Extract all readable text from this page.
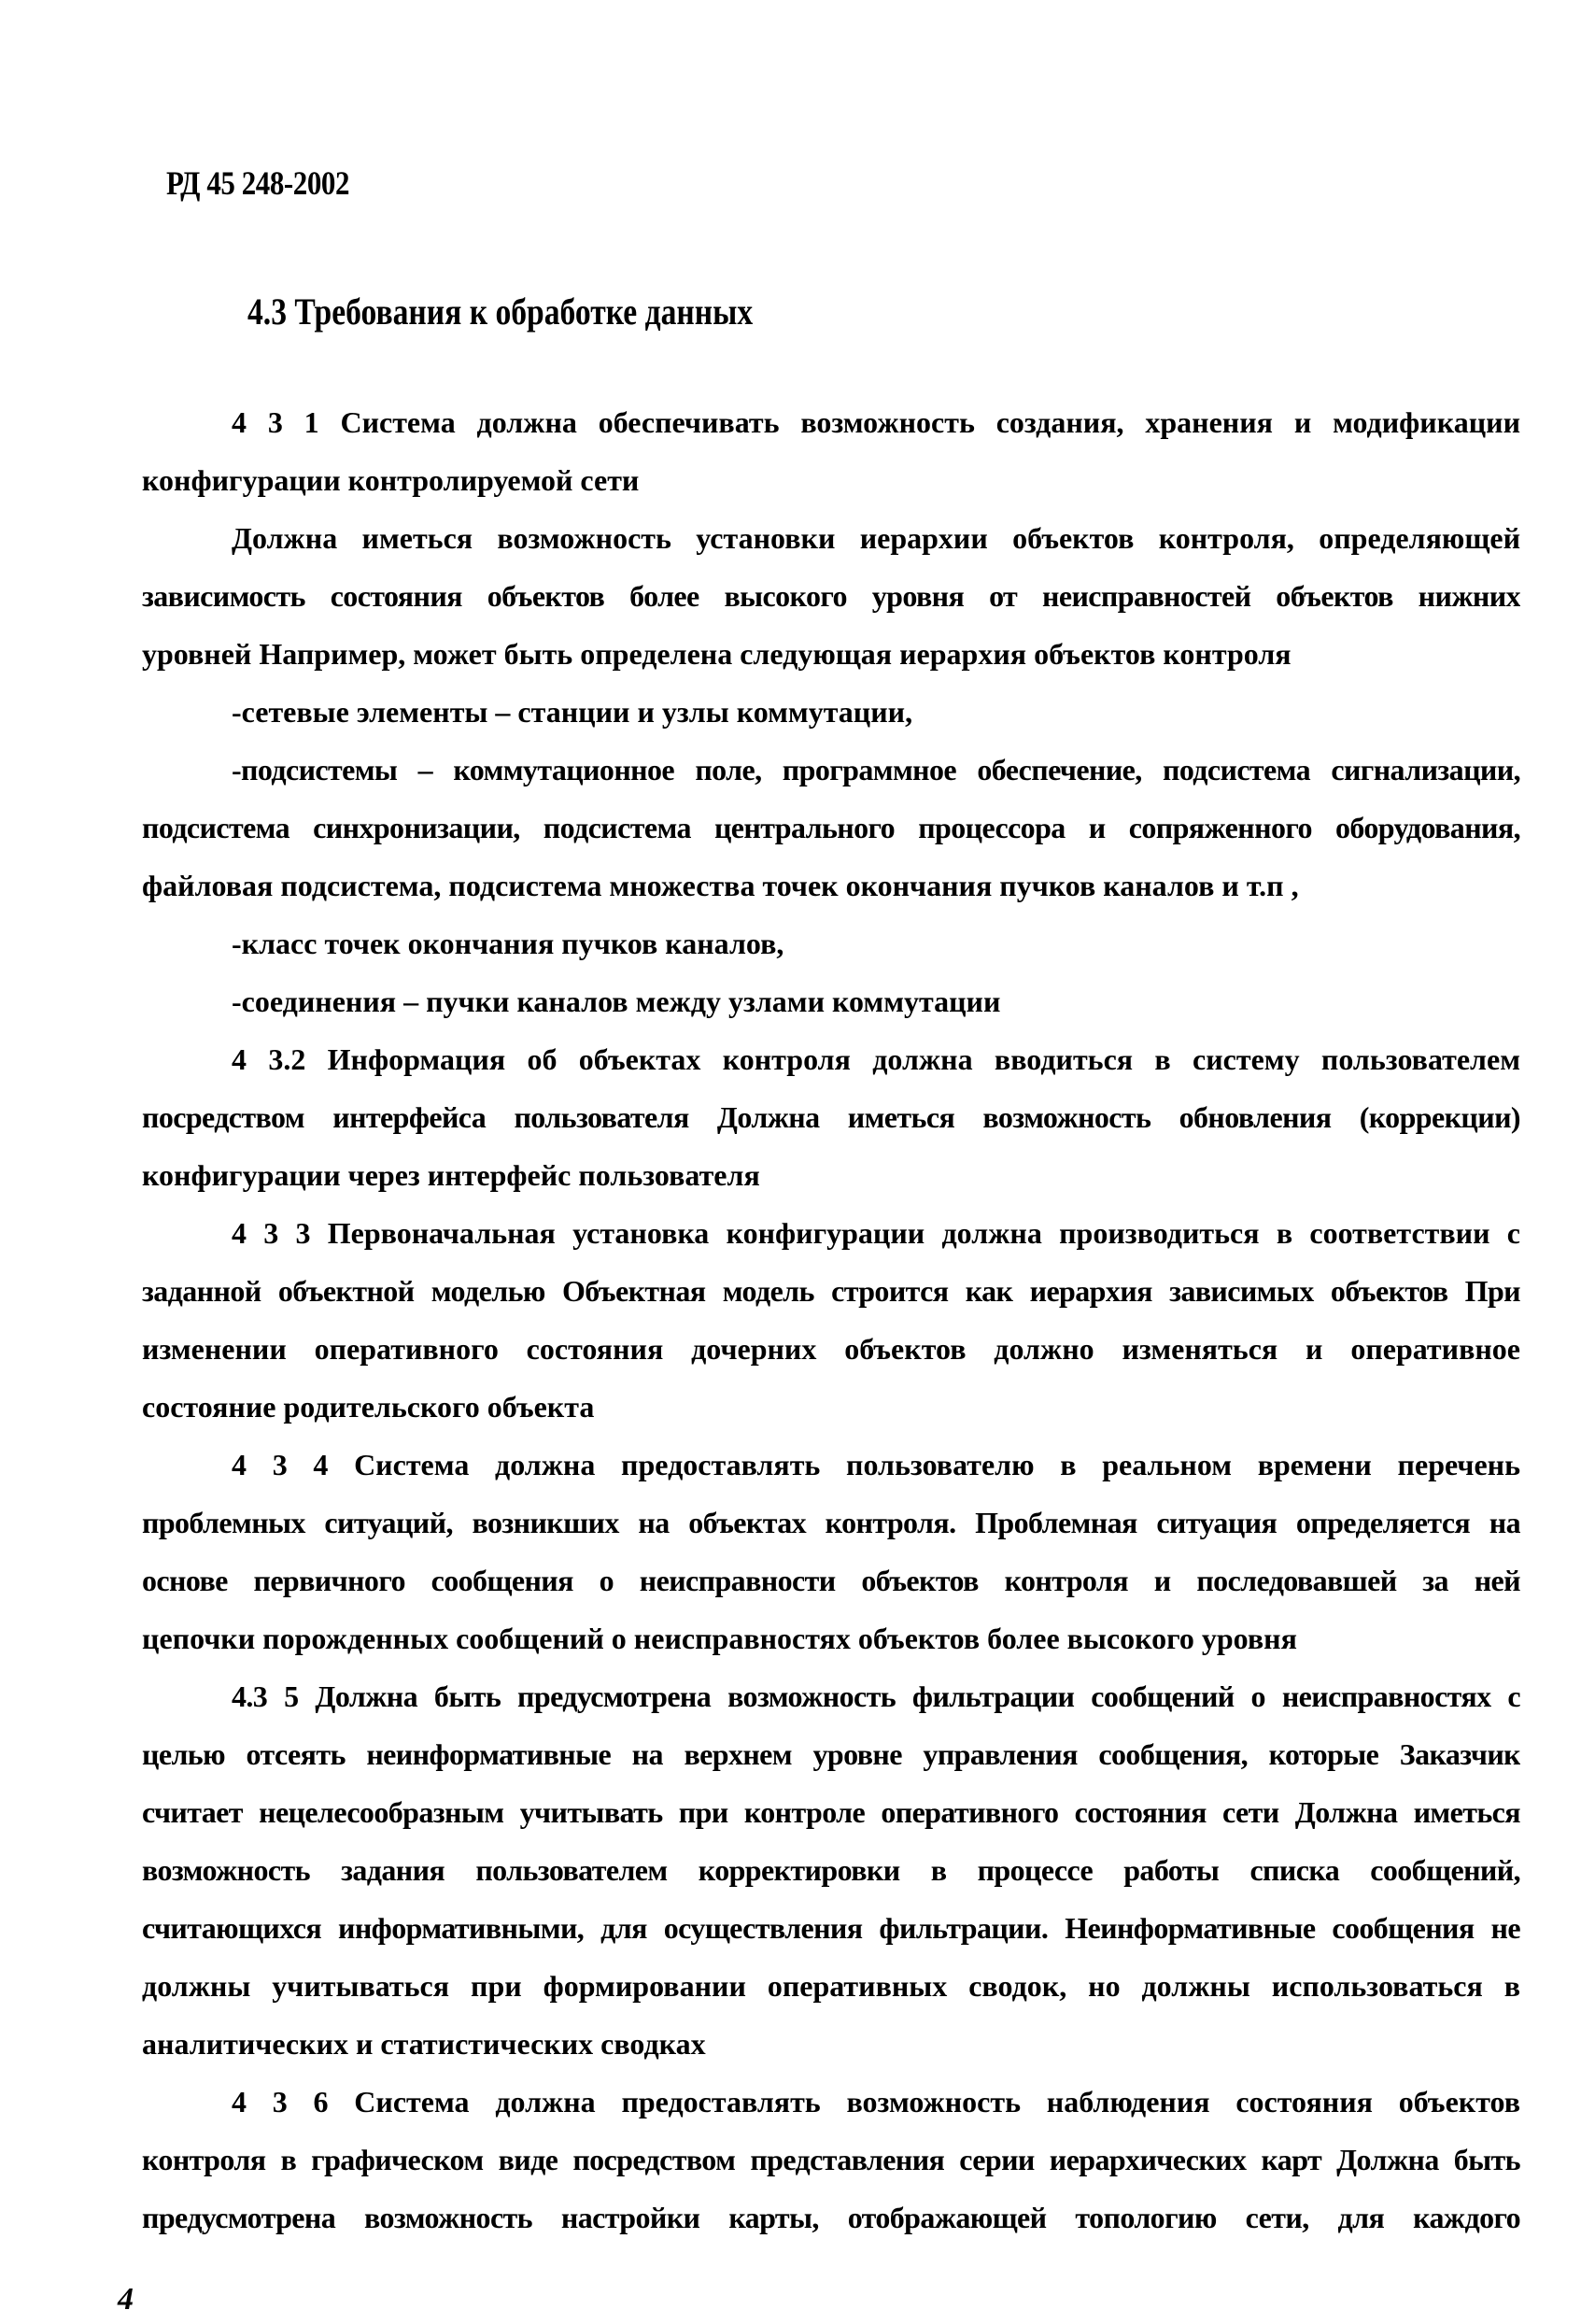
РД 45 248-2002
4.3 Требования к обработке данных
4 3 1 Система должна обеспечивать возможность создания, хранения и модификации
конфигурации контролируемой сети
Должна иметься возможность установки иерархии объектов контроля, определяющей
зависимость состояния объектов более высокого уровня от неисправностей объектов нижних
уровней Например, может быть определена следующая иерархия объектов контроля
-сетевые элементы – станции и узлы коммутации,
-подсистемы – коммутационное поле, программное обеспечение, подсистема сигнализации,
подсистема синхронизации, подсистема центрального процессора и сопряженного оборудования,
файловая подсистема, подсистема множества точек окончания пучков каналов и т.п ,
-класс точек окончания пучков каналов,
-соединения – пучки каналов между узлами коммутации
4 3.2 Информация об объектах контроля должна вводиться в систему пользователем
посредством интерфейса пользователя Должна иметься возможность обновления (коррекции)
конфигурации через интерфейс пользователя
4 3 3 Первоначальная установка конфигурации должна производиться в соответствии с
заданной объектной моделью Объектная модель строится как иерархия зависимых объектов При
изменении оперативного состояния дочерних объектов должно изменяться и оперативное
состояние родительского объекта
4 3 4 Система должна предоставлять пользователю в реальном времени перечень
проблемных ситуаций, возникших на объектах контроля. Проблемная ситуация определяется на
основе первичного сообщения о неисправности объектов контроля и последовавшей за ней
цепочки порожденных сообщений о неисправностях объектов более высокого уровня
4.3 5 Должна быть предусмотрена возможность фильтрации сообщений о неисправностях с
целью отсеять неинформативные на верхнем уровне управления сообщения, которые Заказчик
считает нецелесообразным учитывать при контроле оперативного состояния сети Должна иметься
возможность задания пользователем корректировки в процессе работы списка сообщений,
считающихся информативными, для осуществления фильтрации. Неинформативные сообщения не
должны учитываться при формировании оперативных сводок, но должны использоваться в
аналитических и статистических сводках
4 3 6 Система должна предоставлять возможность наблюдения состояния объектов
контроля в графическом виде посредством представления серии иерархических карт Должна быть
предусмотрена возможность настройки карты, отображающей топологию сети, для каждого
4
